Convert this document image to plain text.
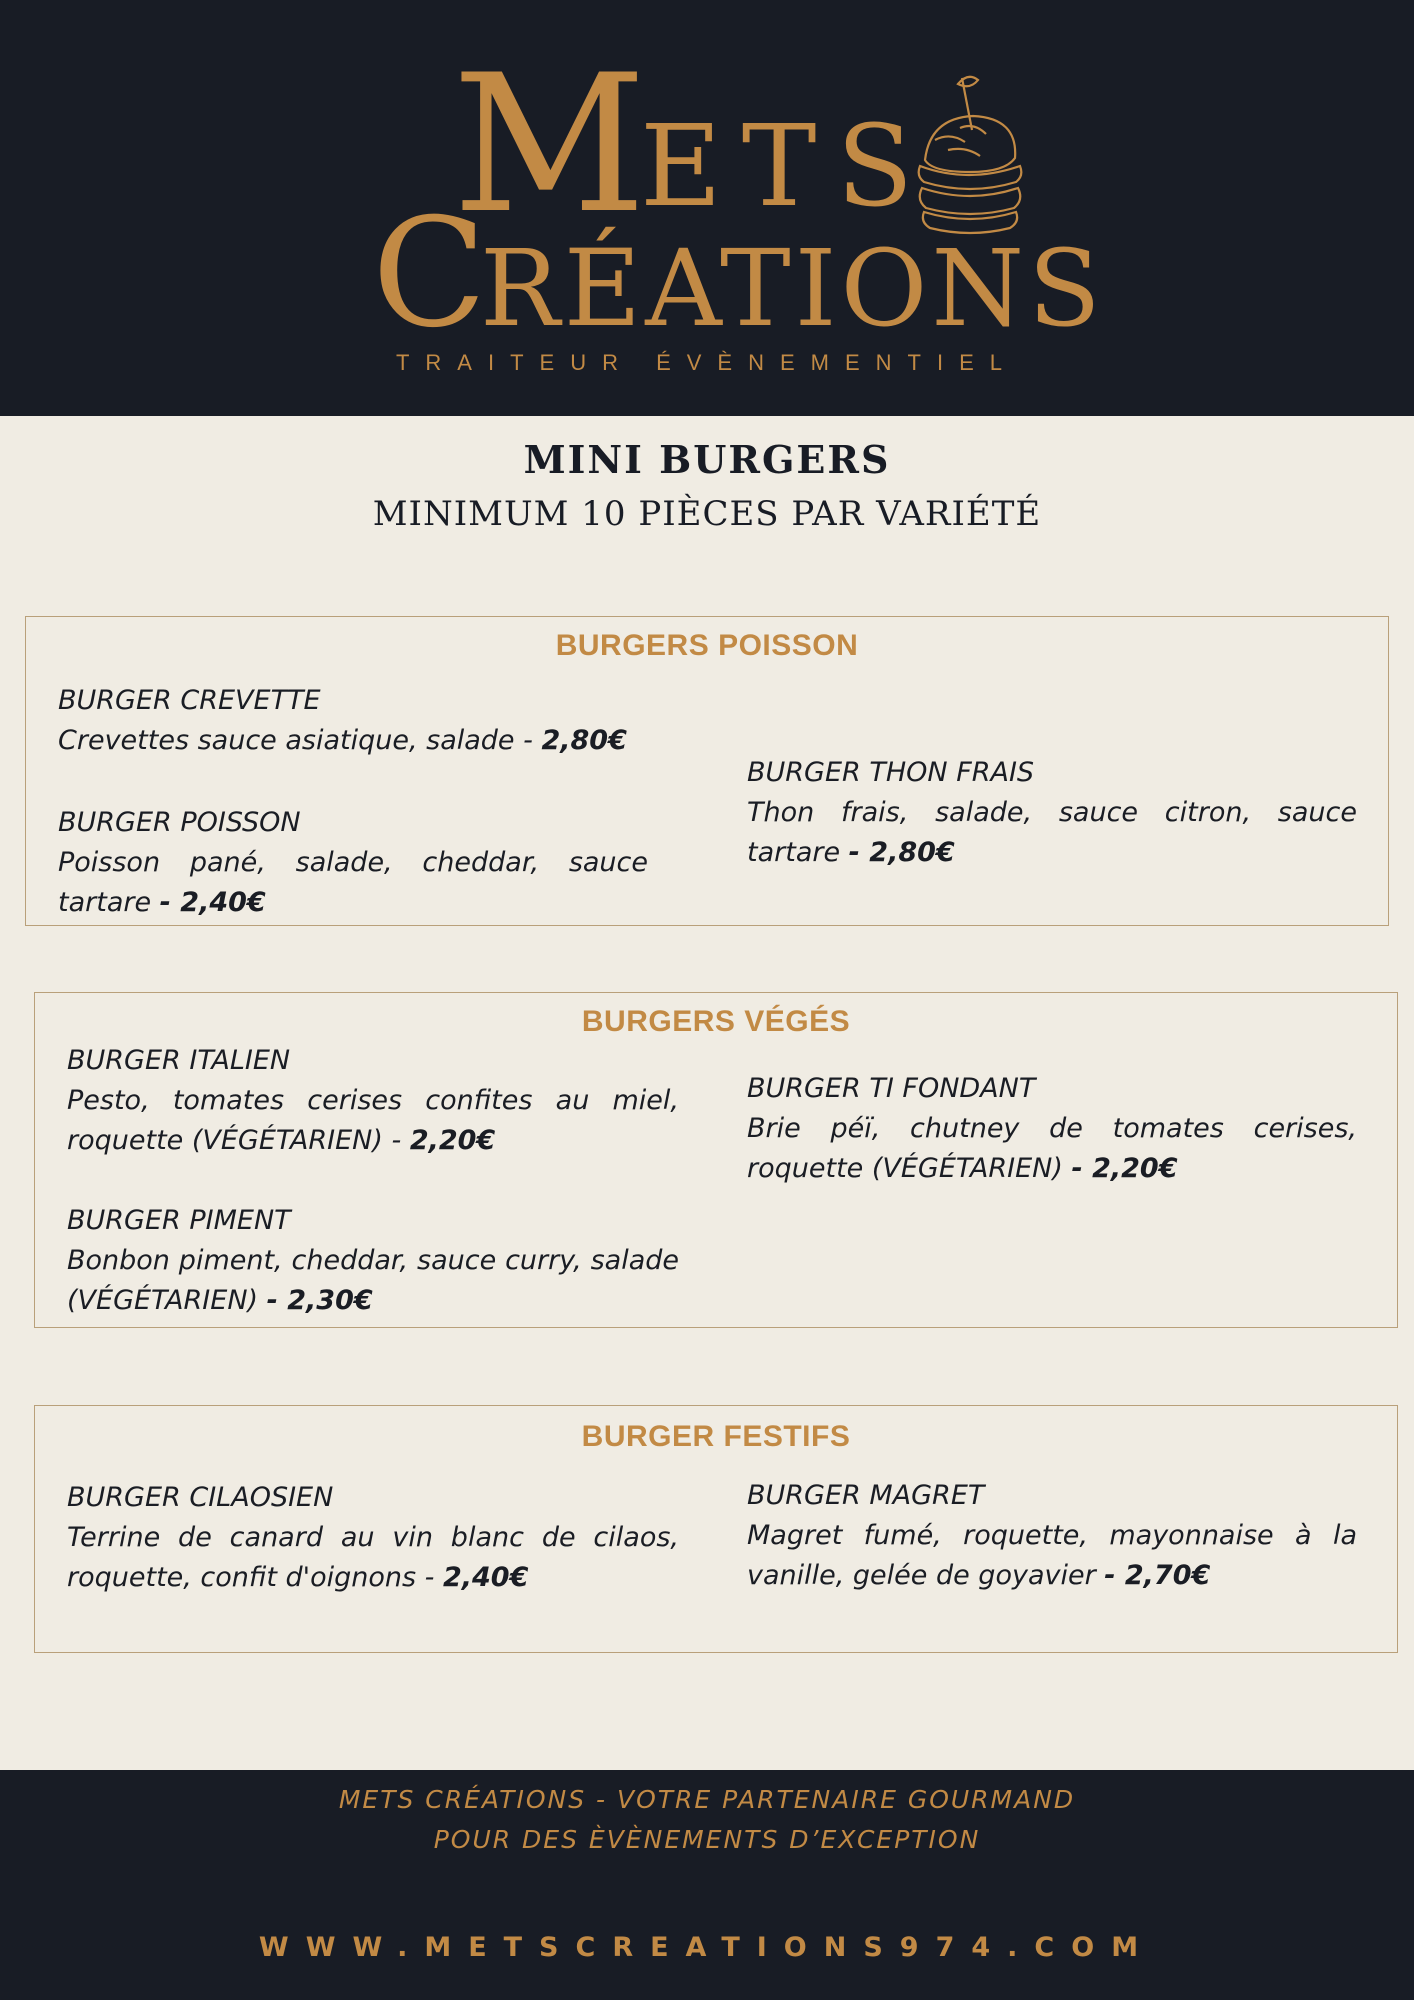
M
ETS
C
RÉATIONS
TRAITEUR ÉVÈNEMENTIEL
MINI BURGERS
MINIMUM 10 PIÈCES PAR VARIÉTÉ
BURGERS POISSON
BURGER CREVETTE
Crevettes sauce asiatique, salade - 2,80€
BURGER POISSON
Poisson pané, salade, cheddar, sauce tartare - 2,40€
BURGER THON FRAIS
Thon frais, salade, sauce citron, sauce tartare - 2,80€
BURGERS VÉGÉS
BURGER ITALIEN
Pesto, tomates cerises confites au miel, roquette (VÉGÉTARIEN) - 2,20€
BURGER PIMENT
Bonbon piment, cheddar, sauce curry, salade (VÉGÉTARIEN) - 2,30€
BURGER TI FONDANT
Brie péï, chutney de tomates cerises, roquette (VÉGÉTARIEN) - 2,20€
BURGER FESTIFS
BURGER CILAOSIEN
Terrine de canard au vin blanc de cilaos, roquette, confit d'oignons - 2,40€
BURGER MAGRET
Magret fumé, roquette, mayonnaise à la vanille, gelée de goyavier - 2,70€
METS CRÉATIONS - VOTRE PARTENAIRE GOURMAND
POUR DES ÈVÈNEMENTS D’EXCEPTION
WWW.METSCREATIONS974.COM
